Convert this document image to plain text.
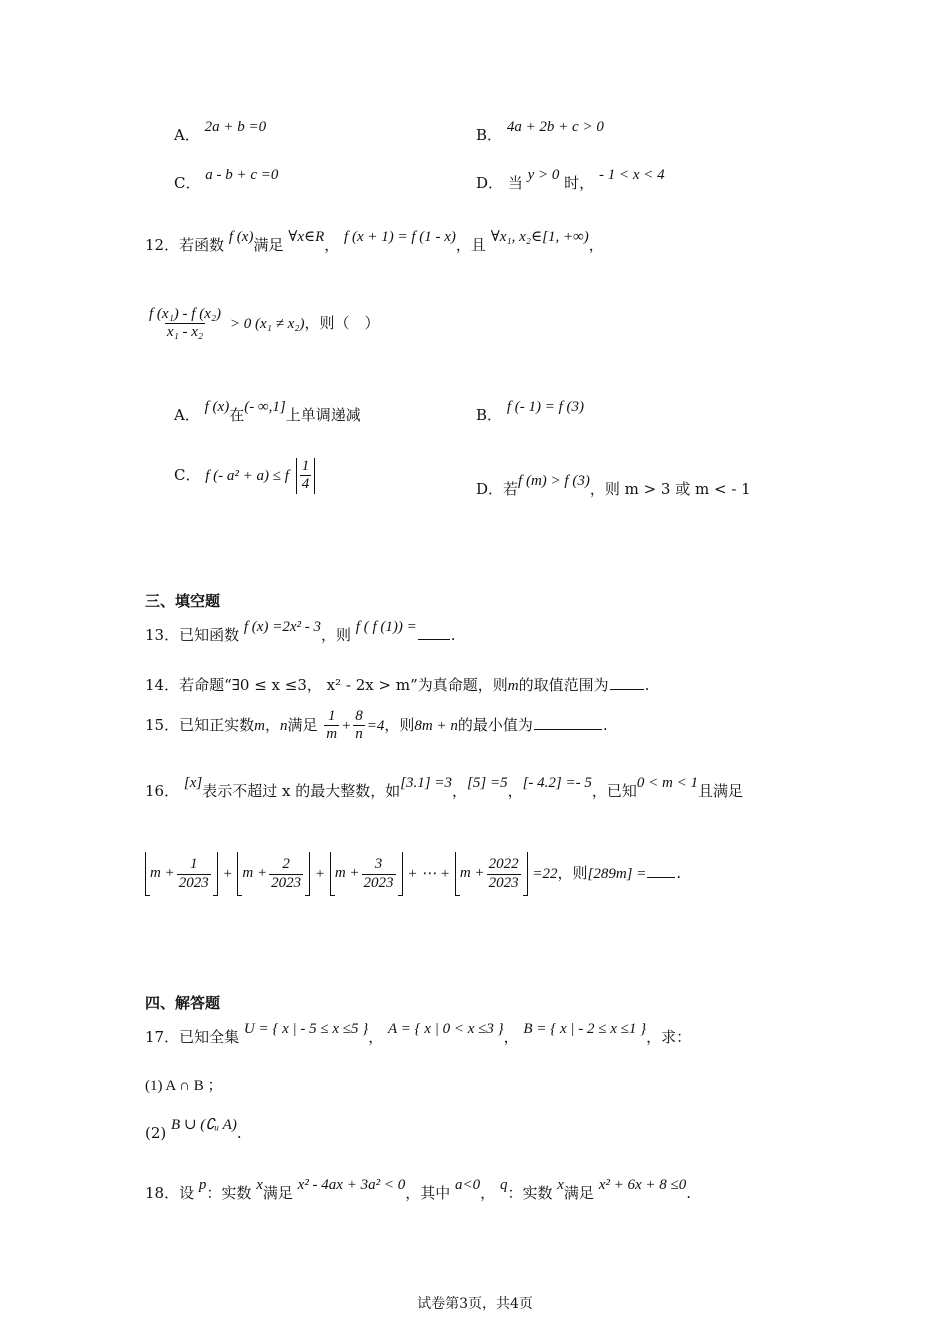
A． 2a + b =0	B． 4a + 2b + c > 0
C． a - b + c =0	D． 当 y > 0 时， - 1 < x < 4
12．若函数 f (x)满足 ∀x∈R， f (x + 1) = f (1 - x)，且 ∀x₁, x₂∈[1, +∞)，
$\frac{\text{f (x₁) - f (x₂)}}{\text{x₁ - x₂}} > 0$ (x₁ ≠ x₂)，则（　）
A． f (x)在(- ∞,1]上单调递减	B． f (- 1) = f (3)
C． f (- a² + a) ≤ f $\frac{1}{4}$	D．若f (m) > f (3)，则 m > 3 或 m < - 1
三、填空题
13．已知函数 f (x) =2x² - 3，则 f ( f (1)) = .
14．若命题“∃0 ≤ x ≤3， x² - 2x > m”为真命题，则m的取值范围为 .
15．已知正实数m，n满足 $\frac{1}{m} + \frac{8}{n} =4$，则8m + n的最小值为	.
16． [x]表示不超过 x 的最大整数，如[3.1] =3，[5] =5，[- 4.2] =- 5，已知0 < m < 1且满足
$m + \frac{1}{2023} + m + \frac{2}{2023} + m + \frac{3}{2023}$ + ⋯ + $m + \frac{2022}{2023} =22$，则[289m] = .
四、解答题
17．已知全集 U = { x | - 5 ≤ x ≤5 }， A = { x | 0 < x ≤3 }， B = { x | - 2 ≤ x ≤1 }，求：
(1) A ∩ B ；
(2) B ∪ (∁ᵤ A).
18．设 p：实数 x满足 x² - 4ax + 3a² < 0，其中 a<0， q：实数 x满足 x² + 6x + 8 ≤0.
试卷第3页，共4页
